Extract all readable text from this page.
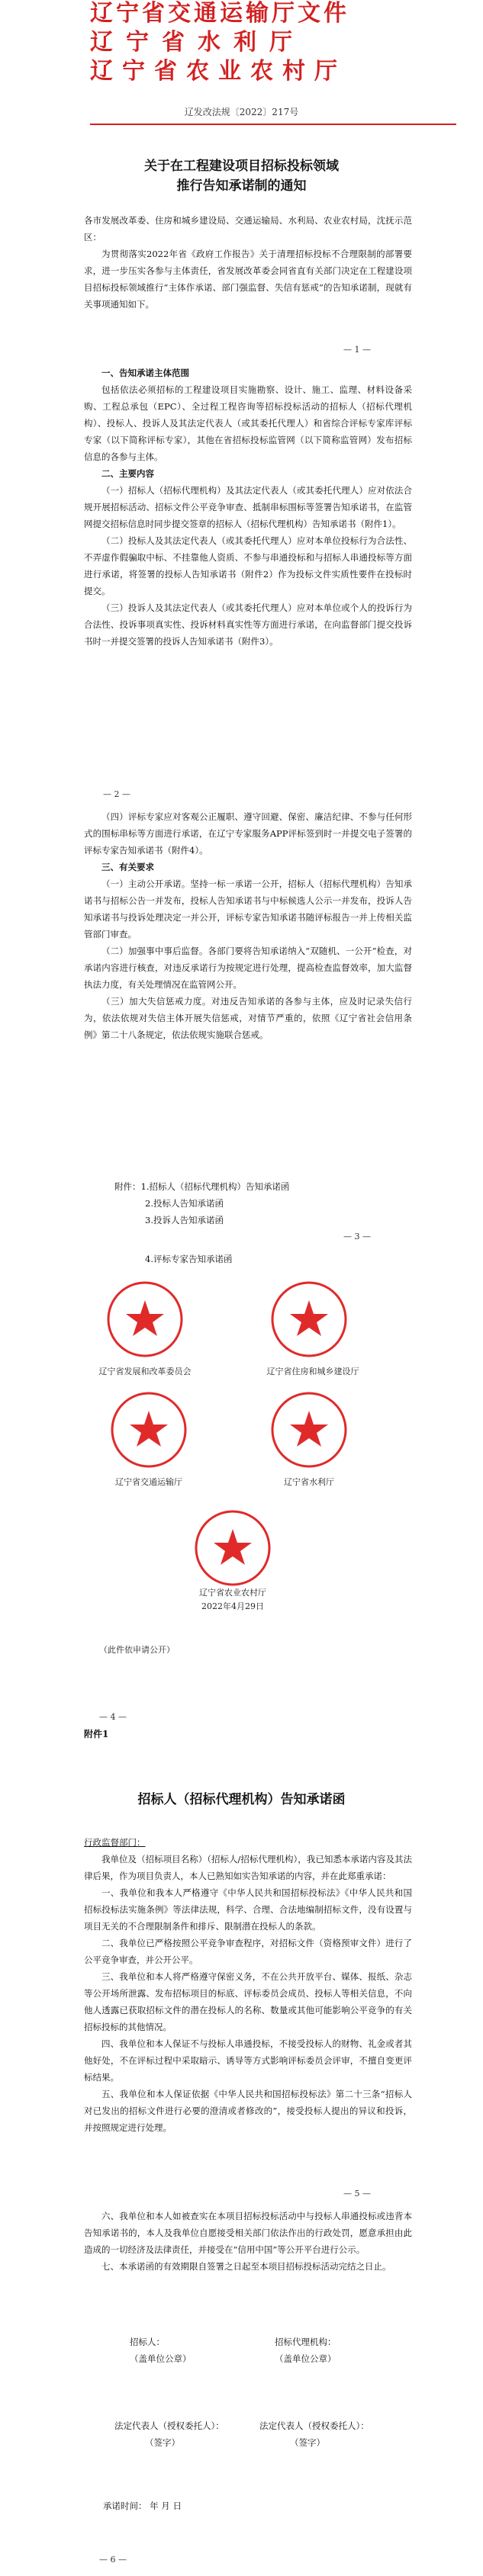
辽宁省交通运输厅文件
辽宁省水利厅
辽宁省农业农村厅
辽发改法规〔2022〕217号
关于在工程建设项目招标投标领域
推行告知承诺制的通知

各市发展改革委、住房和城乡建设局、交通运输局、水利局、农业农村局，沈抚示范区：

为贯彻落实2022年省《政府工作报告》关于清理招标投标不合理限制的部署要求，进一步压实各参与主体责任，省发展改革委会同省直有关部门决定在工程建设项目招标投标领域推行“主体作承诺、部门强监督、失信有惩戒”的告知承诺制，现就有关事项通知如下。

— 1 —

一、告知承诺主体范围

包括依法必须招标的工程建设项目实施勘察、设计、施工、监理、材料设备采购、工程总承包（EPC）、全过程工程咨询等招标投标活动的招标人（招标代理机构）、投标人、投诉人及其法定代表人（或其委托代理人）和省综合评标专家库评标专家（以下简称评标专家），其他在省招标投标监管网（以下简称监管网）发布招标信息的各参与主体。

二、主要内容

（一）招标人（招标代理机构）及其法定代表人（或其委托代理人）应对依法合规开展招标活动、招标文件公平竞争审查、抵制串标围标等签署告知承诺书，在监管网提交招标信息时同步提交签章的招标人（招标代理机构）告知承诺书（附件1）。

（二）投标人及其法定代表人（或其委托代理人）应对本单位投标行为合法性、不弄虚作假骗取中标、不挂靠他人资质、不参与串通投标和与招标人串通投标等方面进行承诺，将签署的投标人告知承诺书（附件2）作为投标文件实质性要件在投标时提交。

（三）投诉人及其法定代表人（或其委托代理人）应对本单位或个人的投诉行为合法性、投诉事项真实性、投诉材料真实性等方面进行承诺，在向监督部门提交投诉书时一并提交签署的投诉人告知承诺书（附件3）。

— 2 —

（四）评标专家应对客观公正履职、遵守回避、保密、廉洁纪律、不参与任何形式的围标串标等方面进行承诺，在辽宁专家服务APP评标签到时一并提交电子签署的评标专家告知承诺书（附件4）。

三、有关要求

（一）主动公开承诺。坚持一标一承诺一公开，招标人（招标代理机构）告知承诺书与招标公告一并发布，投标人告知承诺书与中标候选人公示一并发布，投诉人告知承诺书与投诉处理决定一并公开，评标专家告知承诺书随评标报告一并上传相关监管部门审查。

（二）加强事中事后监督。各部门要将告知承诺纳入“双随机、一公开”检查，对承诺内容进行核查，对违反承诺行为按规定进行处理，提高检查监督效率，加大监督执法力度，有关处理情况在监管网公开。

（三）加大失信惩戒力度。对违反告知承诺的各参与主体，应及时记录失信行为，依法依规对失信主体开展失信惩戒，对情节严重的，依照《辽宁省社会信用条例》第二十八条规定，依法依规实施联合惩戒。

附件：1.招标人（招标代理机构）告知承诺函
2.投标人告知承诺函
3.投诉人告知承诺函
— 3 —
4.评标专家告知承诺函
辽宁省发展和改革委员会	辽宁省住房和城乡建设厅
辽宁省交通运输厅	辽宁省水利厅
辽宁省农业农村厅
2022年4月29日
（此件依申请公开）
— 4 —
附件1
招标人（招标代理机构）告知承诺函

行政监督部门：

我单位及（招标项目名称）（招标人/招标代理机构），我已知悉本承诺内容及其法律后果，作为项目负责人，本人已熟知如实告知承诺的内容，并在此郑重承诺：

一、我单位和我本人严格遵守《中华人民共和国招标投标法》《中华人民共和国招标投标法实施条例》等法律法规，科学、合理、合法地编制招标文件，没有设置与项目无关的不合理限制条件和排斥、限制潜在投标人的条款。

二、我单位已严格按照公平竞争审查程序，对招标文件（资格预审文件）进行了公平竞争审查，并公开公平。

三、我单位和本人将严格遵守保密义务，不在公共开放平台、媒体、报纸、杂志等公开场所泄露、发布招标项目的标底、评标委员会成员、投标人等相关信息，不向他人透露已获取招标文件的潜在投标人的名称、数量或其他可能影响公平竞争的有关招标投标的其他情况。

四、我单位和本人保证不与投标人串通投标，不接受投标人的财物、礼金或者其他好处，不在评标过程中采取暗示、诱导等方式影响评标委员会评审，不擅自变更评标结果。

五、我单位和本人保证依据《中华人民共和国招标投标法》第二十三条“招标人对已发出的招标文件进行必要的澄清或者修改的”，接受投标人提出的异议和投诉，并按照规定进行处理。

— 5 —

六、我单位和本人如被查实在本项目招标投标活动中与投标人串通投标或违背本告知承诺书的，本人及我单位自愿接受相关部门依法作出的行政处罚，愿意承担由此造成的一切经济及法律责任，并接受在“信用中国”等公开平台进行公示。

七、本承诺函的有效期限自签署之日起至本项目招标投标活动完结之日止。

招标人：
（盖单位公章）
招标代理机构：
（盖单位公章）
法定代表人（授权委托人）：
（签字）
法定代表人（授权委托人）：
（签字）
承诺时间： 年 月 日
— 6 —
